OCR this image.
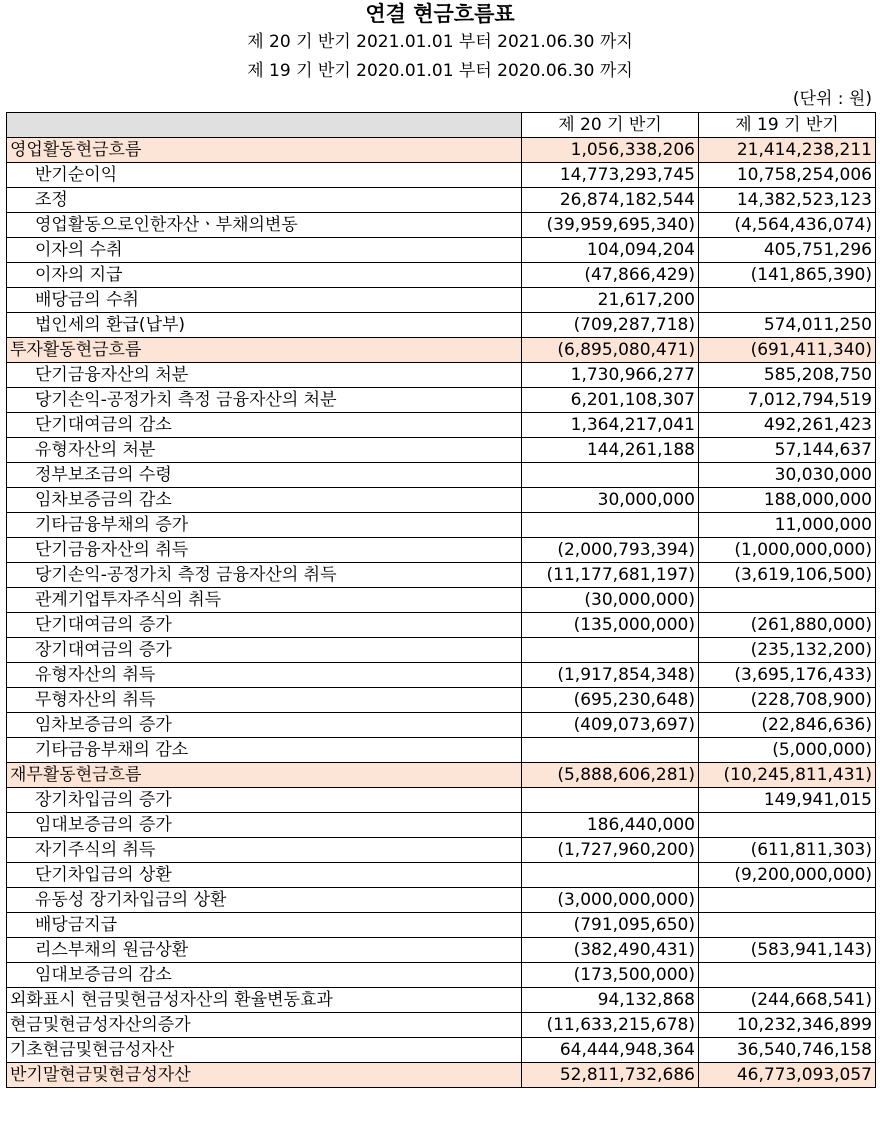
연결 현금흐름표
제 20 기 반기 2021.01.01 부터 2021.06.30 까지
제 19 기 반기 2020.01.01 부터 2020.06.30 까지
(단위 : 원)
	제 20 기 반기	제 19 기 반기
영업활동현금흐름	1,056,338,206	21,414,238,211
반기순이익	14,773,293,745	10,758,254,006
조정	26,874,182,544	14,382,523,123
영업활동으로인한자산ㆍ부채의변동	(39,959,695,340)	(4,564,436,074)
이자의 수취	104,094,204	405,751,296
이자의 지급	(47,866,429)	(141,865,390)
배당금의 수취	21,617,200	
법인세의 환급(납부)	(709,287,718)	574,011,250
투자활동현금흐름	(6,895,080,471)	(691,411,340)
단기금융자산의 처분	1,730,966,277	585,208,750
당기손익-공정가치 측정 금융자산의 처분	6,201,108,307	7,012,794,519
단기대여금의 감소	1,364,217,041	492,261,423
유형자산의 처분	144,261,188	57,144,637
정부보조금의 수령		30,030,000
임차보증금의 감소	30,000,000	188,000,000
기타금융부채의 증가		11,000,000
단기금융자산의 취득	(2,000,793,394)	(1,000,000,000)
당기손익-공정가치 측정 금융자산의 취득	(11,177,681,197)	(3,619,106,500)
관계기업투자주식의 취득	(30,000,000)	
단기대여금의 증가	(135,000,000)	(261,880,000)
장기대여금의 증가		(235,132,200)
유형자산의 취득	(1,917,854,348)	(3,695,176,433)
무형자산의 취득	(695,230,648)	(228,708,900)
임차보증금의 증가	(409,073,697)	(22,846,636)
기타금융부채의 감소		(5,000,000)
재무활동현금흐름	(5,888,606,281)	(10,245,811,431)
장기차입금의 증가		149,941,015
임대보증금의 증가	186,440,000	
자기주식의 취득	(1,727,960,200)	(611,811,303)
단기차입금의 상환		(9,200,000,000)
유동성 장기차입금의 상환	(3,000,000,000)	
배당금지급	(791,095,650)	
리스부채의 원금상환	(382,490,431)	(583,941,143)
임대보증금의 감소	(173,500,000)	
외화표시 현금및현금성자산의 환율변동효과	94,132,868	(244,668,541)
현금및현금성자산의증가	(11,633,215,678)	10,232,346,899
기초현금및현금성자산	64,444,948,364	36,540,746,158
반기말현금및현금성자산	52,811,732,686	46,773,093,057
